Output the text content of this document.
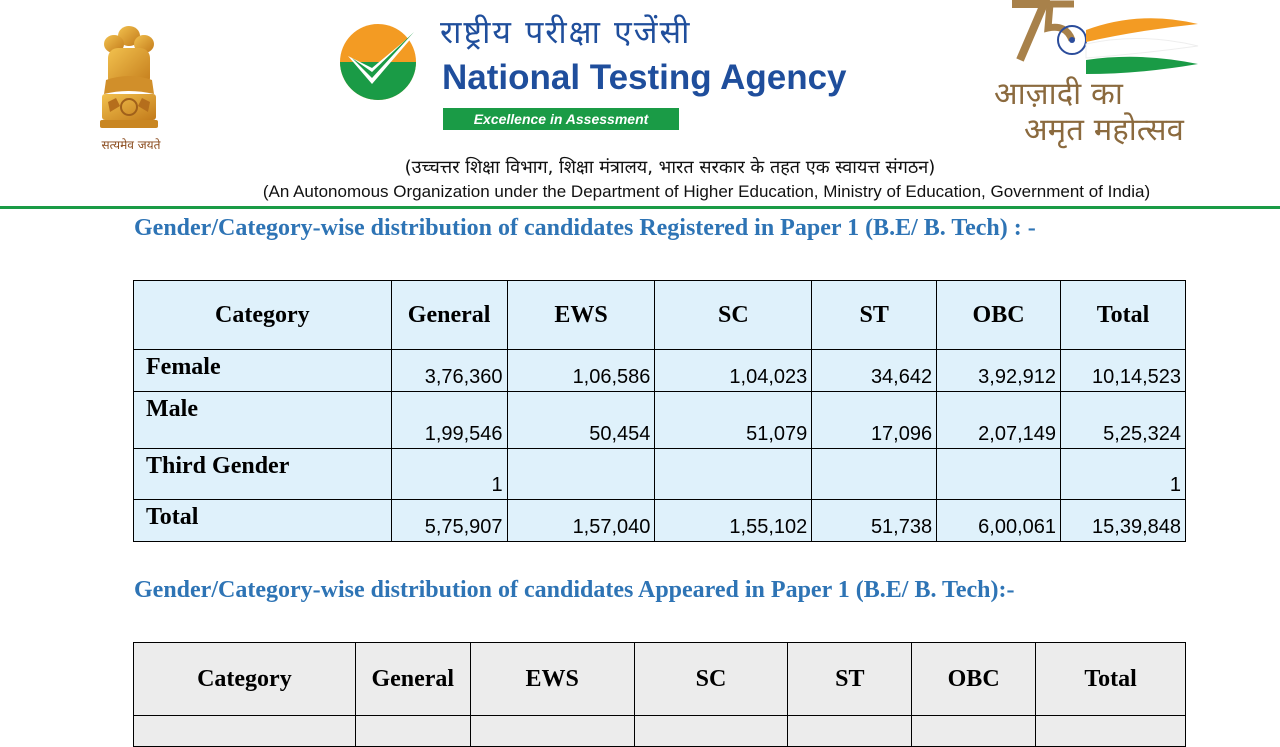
सत्यमेव जयते
राष्ट्रीय परीक्षा एजेंसी
National Testing Agency
Excellence in Assessment
आज़ादी का
अमृत महोत्सव
(उच्चत्तर शिक्षा विभाग, शिक्षा मंत्रालय, भारत सरकार के तहत एक स्वायत्त संगठन)
(An Autonomous Organization under the Department of Higher Education, Ministry of Education, Government of India)
Gender/Category-wise distribution of candidates Registered in Paper 1 (B.E/ B. Tech) : -
Category	General	EWS	SC	ST	OBC	Total
Female	3,76,360	1,06,586	1,04,023	34,642	3,92,912	10,14,523
Male	1,99,546	50,454	51,079	17,096	2,07,149	5,25,324
Third Gender	1					1
Total	5,75,907	1,57,040	1,55,102	51,738	6,00,061	15,39,848
Gender/Category-wise distribution of candidates Appeared in Paper 1 (B.E/ B. Tech):-
Category	General	EWS	SC	ST	OBC	Total
